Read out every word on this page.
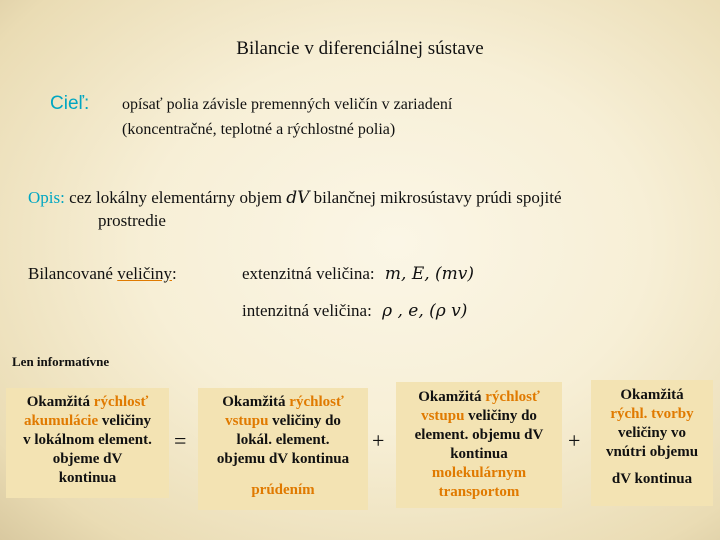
Bilancie v diferenciálnej sústave
Cieľ: opísať polia závisle premenných veličín v zariadení
(koncentračné, teplotné a rýchlostné polia)
Opis: cez lokálny elementárny objem dV bilančnej mikrosústavy prúdi spojité
prostredie
Bilancované veličiny:	extenzitná veličina: m, E, (mv)
intenzitná veličina: ρ , e, (ρ v)
Len informatívne
Okamžitá rýchlosť
akumulácie veličiny
v lokálnom element.
objeme dV
kontinua
=
Okamžitá rýchlosť
vstupu veličiny do
lokál. element.
objemu dV kontinua
prúdením
+
Okamžitá rýchlosť
vstupu veličiny do
element. objemu dV
kontinua
molekulárnym
transportom
+
Okamžitá
rýchl. tvorby
veličiny vo
vnútri objemu
dV kontinua
